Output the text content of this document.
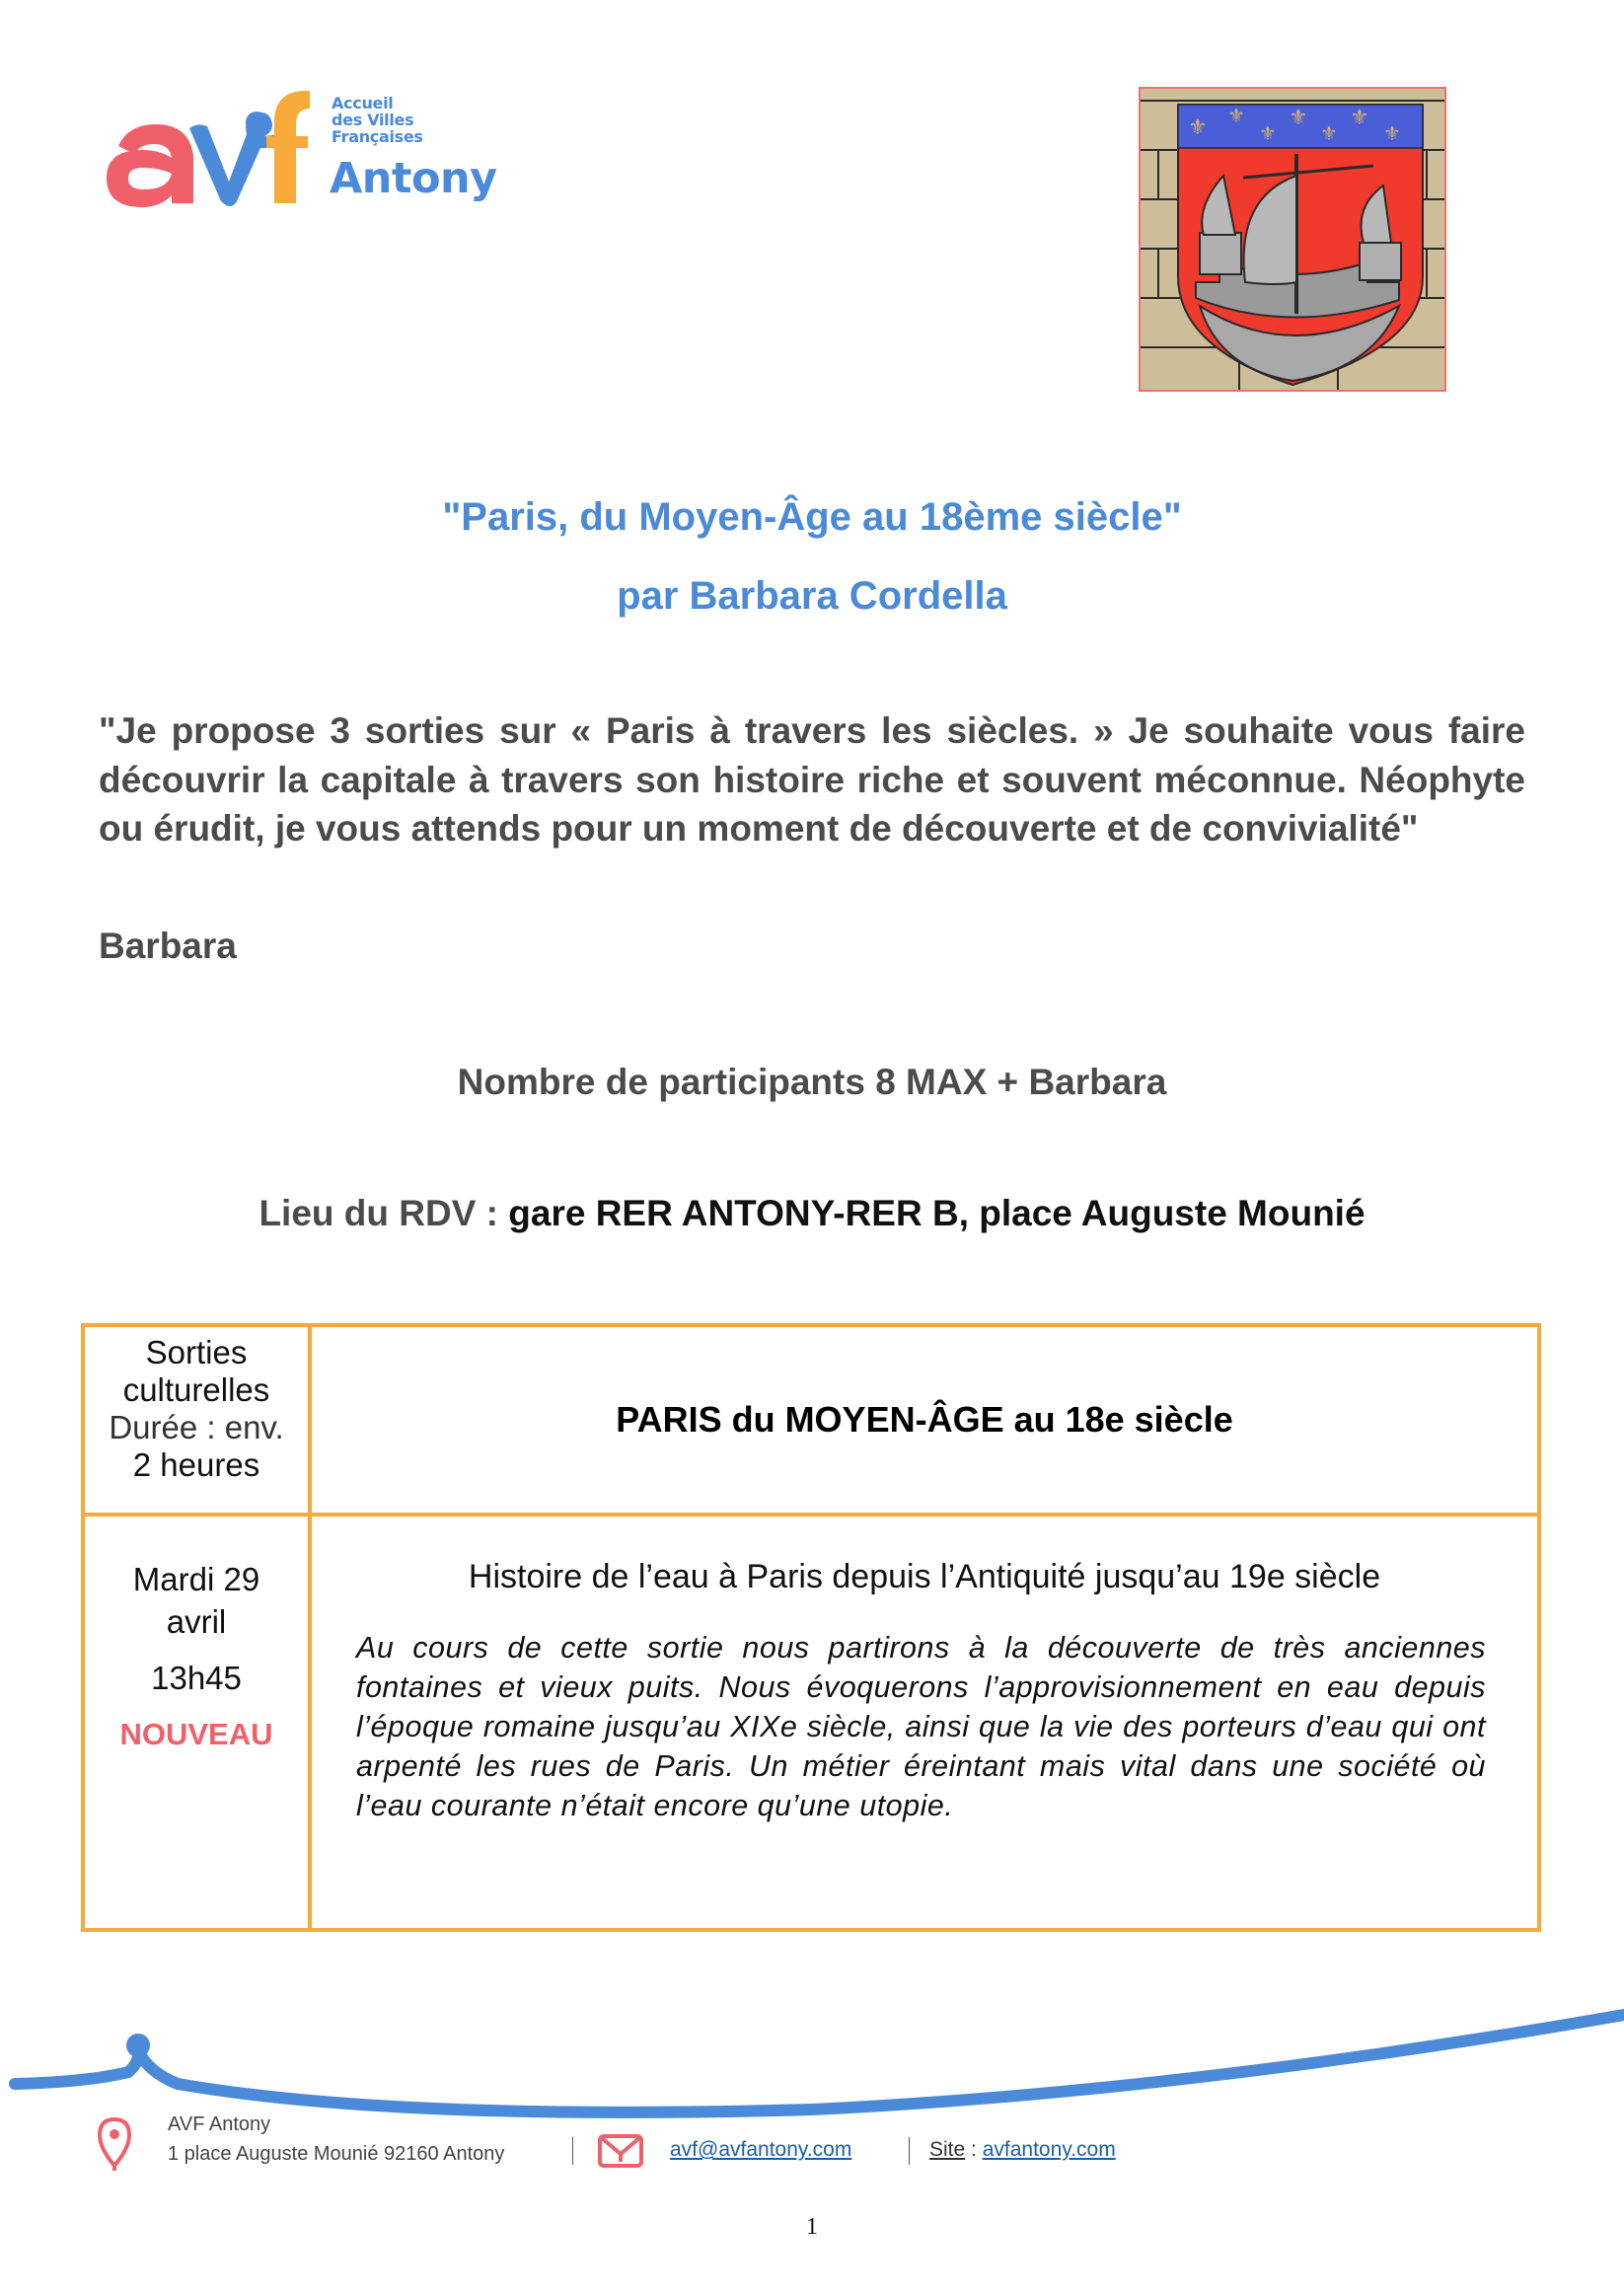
Accueil
des Villes
Françaises
Antony
⚜ ⚜
⚜
⚜
⚜
⚜
⚜
"Paris, du Moyen-Âge au 18ème siècle"
par Barbara Cordella
"Je propose 3 sorties sur « Paris à travers les siècles. » Je souhaite vous faire découvrir la capitale à travers son histoire riche et souvent méconnue. Néophyte ou érudit, je vous attends pour un moment de découverte et de convivialité"
Barbara
Nombre de participants 8 MAX + Barbara
Lieu du RDV : gare RER ANTONY-RER B, place Auguste Mounié
Sorties
culturelles
Durée : env.
2 heures
PARIS du MOYEN-ÂGE au 18e siècle
Mardi 29
avril
13h45
NOUVEAU
Histoire de l’eau à Paris depuis l’Antiquité jusqu’au 19e siècle
Au cours de cette sortie nous partirons à la découverte de très anciennes fontaines et vieux puits. Nous évoquerons l’approvisionnement en eau depuis l’époque romaine jusqu’au XIXe siècle, ainsi que la vie des porteurs d’eau qui ont arpenté les rues de Paris. Un métier éreintant mais vital dans une société où l’eau courante n’était encore qu’une utopie.
AVF Antony
1 place Auguste Mounié 92160 Antony	avf@avfantony.com	Site : avfantony.com
1
